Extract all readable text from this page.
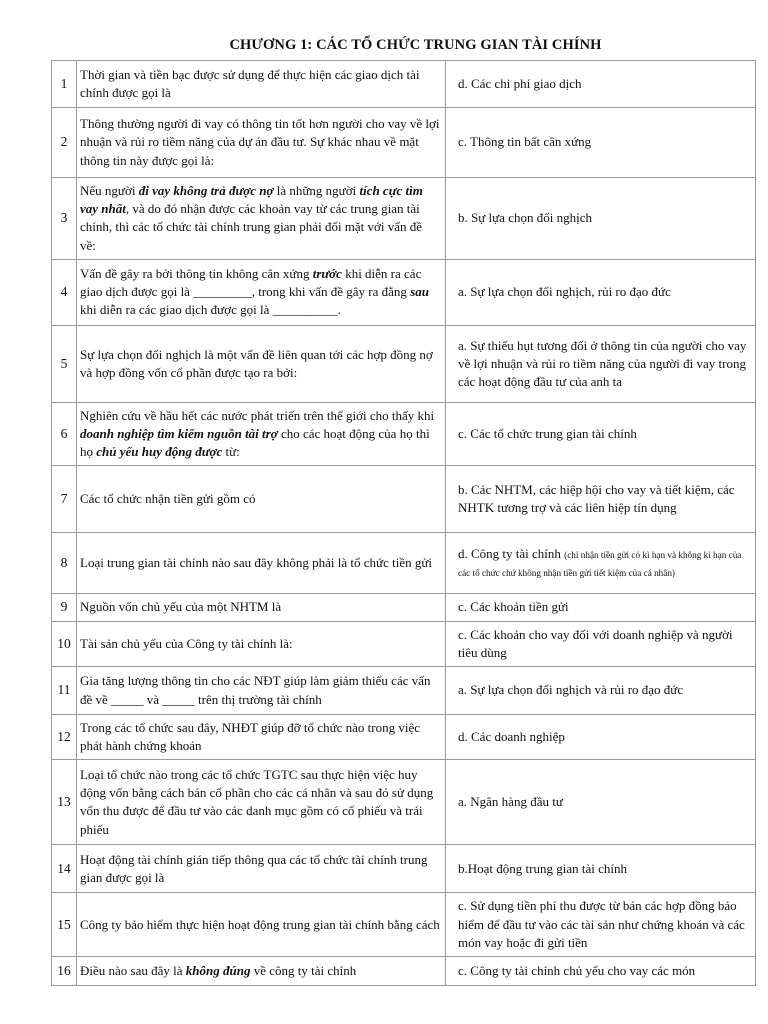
CHƯƠNG 1: CÁC TỔ CHỨC TRUNG GIAN TÀI CHÍNH
1	Thời gian và tiền bạc được sử dụng để thực hiện các giao dịch tài chính được gọi là	d. Các chi phí giao dịch
2	Thông thường người đi vay có thông tin tốt hơn người cho vay về lợi nhuận và rủi ro tiềm năng của dự án đầu tư. Sự khác nhau về mặt thông tin này được gọi là:	c. Thông tin bất cân xứng
3	Nếu người đi vay không trả được nợ là những người tích cực tìm vay nhất, và do đó nhận được các khoản vay từ các trung gian tài chính, thì các tổ chức tài chính trung gian phải đối mặt với vấn đề về:	b. Sự lựa chọn đối nghịch
4	Vấn đề gây ra bởi thông tin không cân xứng trước khi diễn ra các giao dịch được gọi là _________, trong khi vấn đề gây ra đằng sau khi diễn ra các giao dịch được gọi là __________.	a. Sự lựa chọn đối nghịch, rủi ro đạo đức
5	Sự lựa chọn đối nghịch là một vấn đề liên quan tới các hợp đồng nợ và hợp đồng vốn cổ phần được tạo ra bởi:	a. Sự thiếu hụt tương đối ở thông tin của người cho vay về lợi nhuận và rủi ro tiềm năng của người đi vay trong các hoạt động đầu tư của anh ta
6	Nghiên cứu về hầu hết các nước phát triển trên thế giới cho thấy khi doanh nghiệp tìm kiếm nguồn tài trợ cho các hoạt động của họ thì họ chủ yếu huy động được từ:	c. Các tổ chức trung gian tài chính
7	Các tổ chức nhận tiền gửi gồm có	b. Các NHTM, các hiệp hội cho vay và tiết kiệm, các NHTK tương trợ và các liên hiệp tín dụng
8	Loại trung gian tài chính nào sau đây không phải là tổ chức tiền gửi	d. Công ty tài chính (chỉ nhận tiền gửi có kì hạn và không kì hạn của các tổ chức chứ không nhận tiền gửi tiết kiệm của cá nhân)
9	Nguồn vốn chủ yếu của một NHTM là	c. Các khoản tiền gửi
10	Tài sản chủ yếu của Công ty tài chính là:	c. Các khoản cho vay đối với doanh nghiệp và người tiêu dùng
11	Gia tăng lượng thông tin cho các NĐT giúp làm giảm thiểu các vấn đề về _____ và _____ trên thị trường tài chính	a. Sự lựa chọn đối nghịch và rủi ro đạo đức
12	Trong các tổ chức sau đây, NHĐT giúp đỡ tổ chức nào trong việc phát hành chứng khoán	d. Các doanh nghiệp
13	Loại tổ chức nào trong các tổ chức TGTC sau thực hiện việc huy động vốn bằng cách bán cổ phần cho các cá nhân và sau đó sử dụng vốn thu được để đầu tư vào các danh mục gồm có cổ phiếu và trái phiếu	a. Ngân hàng đầu tư
14	Hoạt động tài chính gián tiếp thông qua các tổ chức tài chính trung gian được gọi là	b.Hoạt động trung gian tài chính
15	Công ty bảo hiểm thực hiện hoạt động trung gian tài chính bằng cách	c. Sử dụng tiền phí thu được từ bán các hợp đồng bảo hiểm để đầu tư vào các tài sản như chứng khoán và các món vay hoặc đi gửi tiền
16	Điều nào sau đây là không đúng về công ty tài chính	c. Công ty tài chính chủ yếu cho vay các món
